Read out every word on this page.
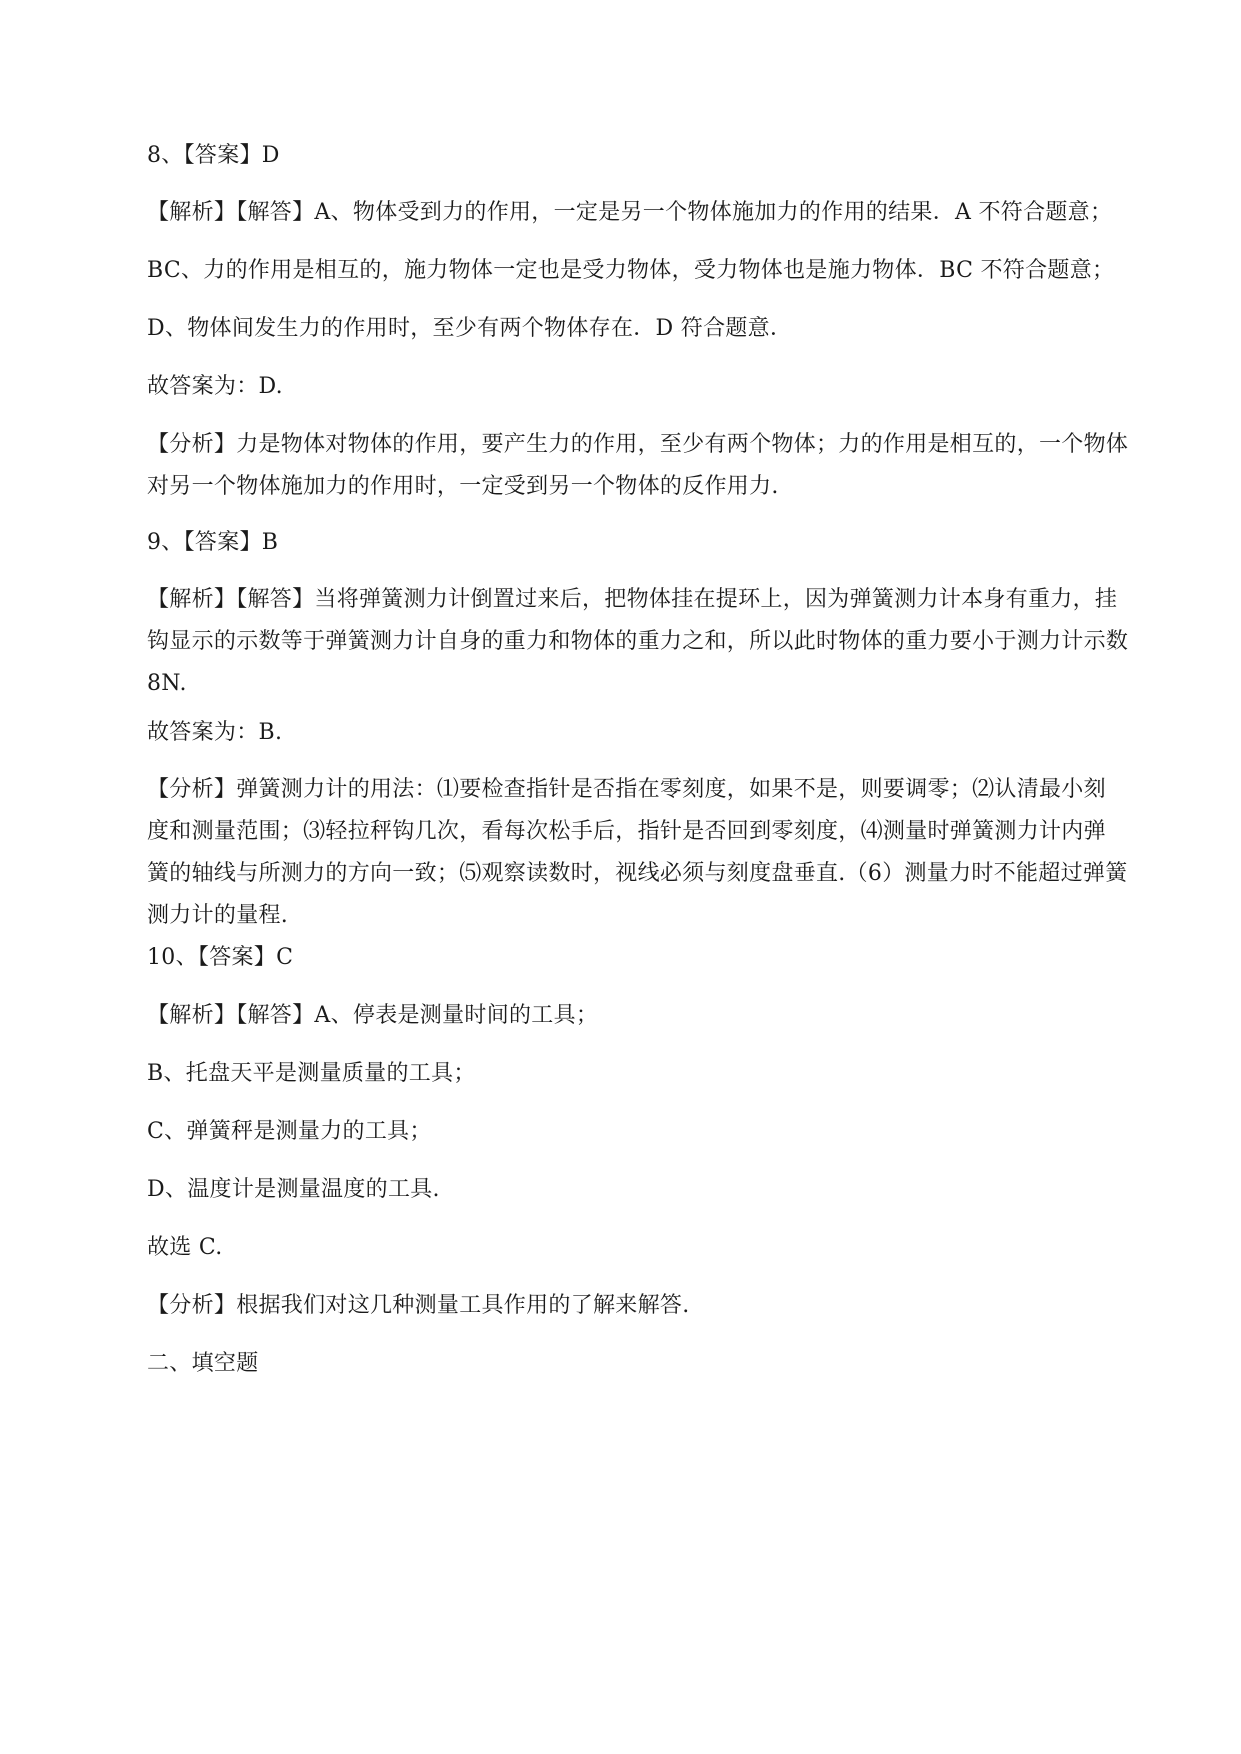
8、【答案】D
【解析】【解答】A、物体受到力的作用，一定是另一个物体施加力的作用的结果．A 不符合题意；
BC、力的作用是相互的，施力物体一定也是受力物体，受力物体也是施力物体．BC 不符合题意；
D、物体间发生力的作用时，至少有两个物体存在．D 符合题意．
故答案为：D.
【分析】力是物体对物体的作用，要产生力的作用，至少有两个物体；力的作用是相互的，一个物体
对另一个物体施加力的作用时，一定受到另一个物体的反作用力.
9、【答案】B
【解析】【解答】当将弹簧测力计倒置过来后，把物体挂在提环上，因为弹簧测力计本身有重力，挂
钩显示的示数等于弹簧测力计自身的重力和物体的重力之和，所以此时物体的重力要小于测力计示数
8N.
故答案为：B.
【分析】弹簧测力计的用法：⑴要检查指针是否指在零刻度，如果不是，则要调零；⑵认清最小刻
度和测量范围；⑶轻拉秤钩几次，看每次松手后，指针是否回到零刻度，⑷测量时弹簧测力计内弹
簧的轴线与所测力的方向一致；⑸观察读数时，视线必须与刻度盘垂直.（6）测量力时不能超过弹簧
测力计的量程.
10、【答案】C
【解析】【解答】A、停表是测量时间的工具；
B、托盘天平是测量质量的工具；
C、弹簧秤是测量力的工具；
D、温度计是测量温度的工具.
故选 C.
【分析】根据我们对这几种测量工具作用的了解来解答.
二、填空题
